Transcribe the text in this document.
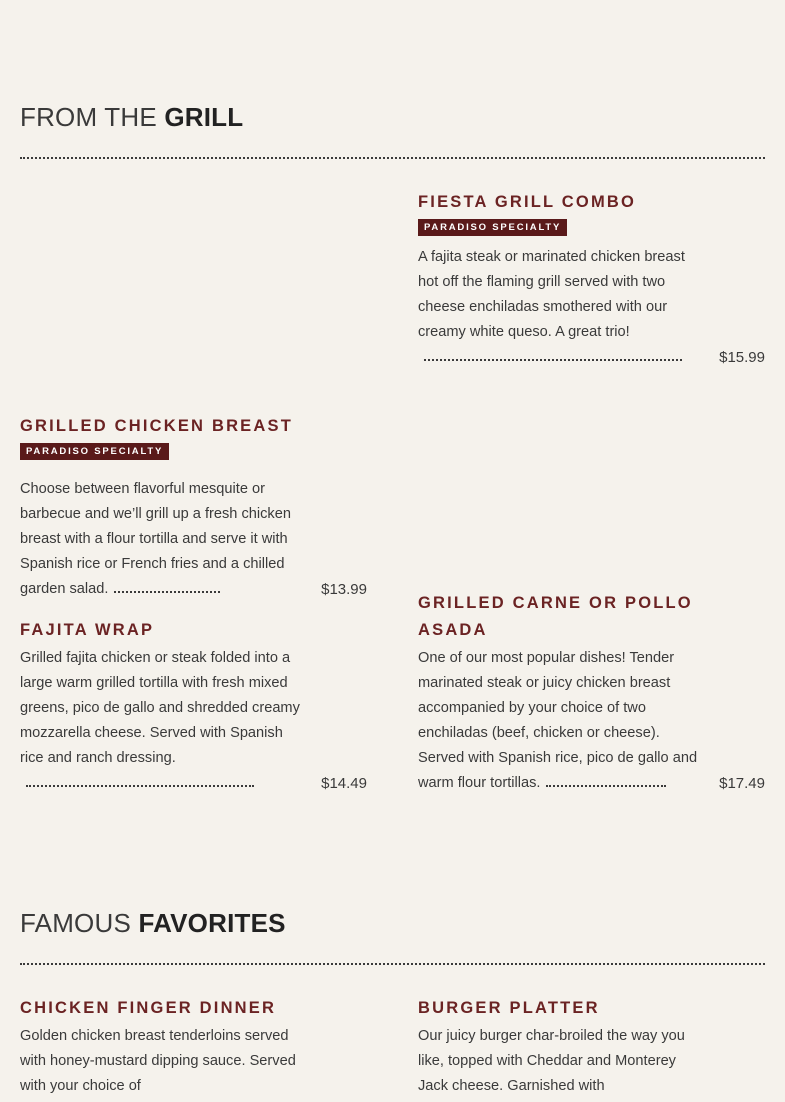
FROM THE GRILL
FIESTA GRILL COMBO PARADISO SPECIALTY

A fajita steak or marinated chicken breast hot off the flaming grill served with two cheese enchiladas smothered with our creamy white queso. A great trio!

$15.99
GRILLED CHICKEN BREAST PARADISO SPECIALTY

Choose between flavorful mesquite or barbecue and we’ll grill up a fresh chicken breast with a flour tortilla and serve it with Spanish rice or French fries and a chilled garden salad.	$13.99
GRILLED CARNE OR POLLO ASADA

One of our most popular dishes! Tender marinated steak or juicy chicken breast accompanied by your choice of two enchiladas (beef, chicken or cheese). Served with Spanish rice, pico de gallo and warm flour tortillas.	$17.49
FAJITA WRAP

Grilled fajita chicken or steak folded into a large warm grilled tortilla with fresh mixed greens, pico de gallo and shredded creamy mozzarella cheese. Served with Spanish rice and ranch dressing.

$14.49
FAMOUS FAVORITES
CHICKEN FINGER DINNER

Golden chicken breast tenderloins served with honey-mustard dipping sauce. Served with your choice of

BURGER PLATTER

Our juicy burger char-broiled the way you like, topped with Cheddar and Monterey Jack cheese. Garnished with
